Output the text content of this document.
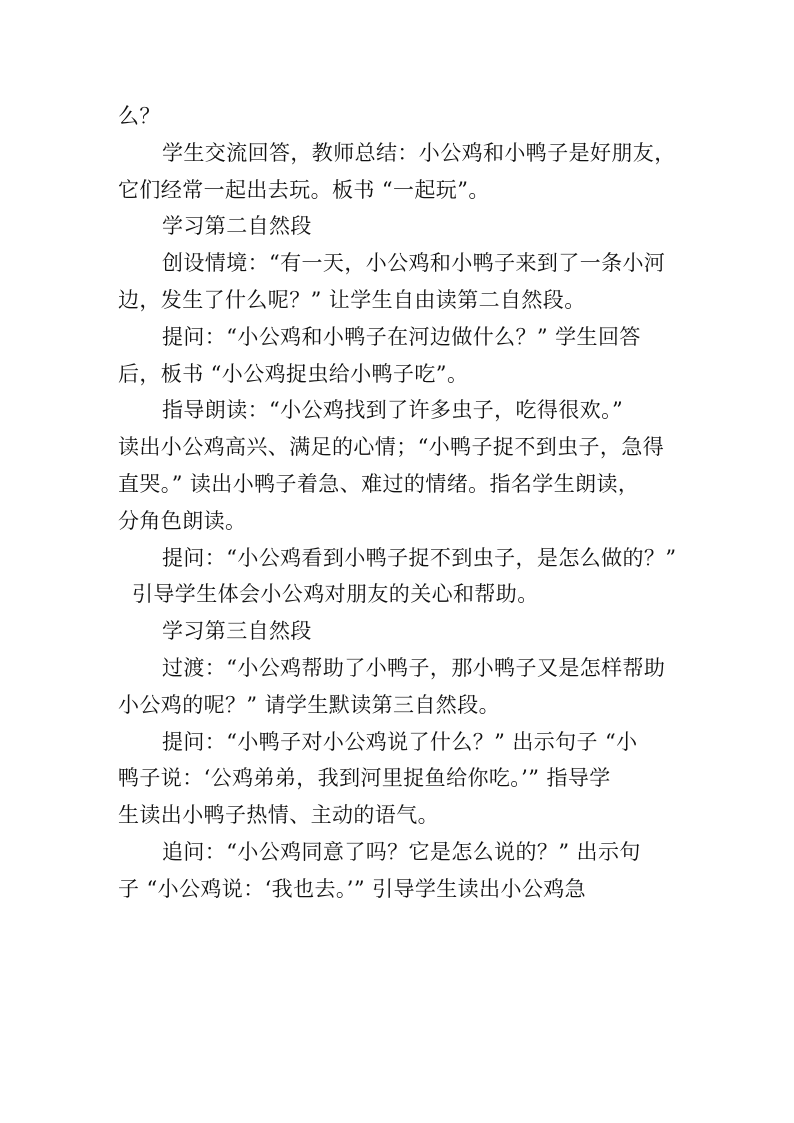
么？

学生交流回答，教师总结：小公鸡和小鸭子是好朋友，

它们经常一起出去玩。板书 “一起玩”。

学习第二自然段

创设情境：“有一天，小公鸡和小鸭子来到了一条小河

边，发生了什么呢？” 让学生自由读第二自然段。

提问：“小公鸡和小鸭子在河边做什么？” 学生回答

后，板书 “小公鸡捉虫给小鸭子吃”。

指导朗读：“小公鸡找到了许多虫子，吃得很欢。”

读出小公鸡高兴、满足的心情；“小鸭子捉不到虫子，急得

直哭。” 读出小鸭子着急、难过的情绪。指名学生朗读，

分角色朗读。

提问：“小公鸡看到小鸭子捉不到虫子，是怎么做的？”

引导学生体会小公鸡对朋友的关心和帮助。

学习第三自然段

过渡：“小公鸡帮助了小鸭子，那小鸭子又是怎样帮助

小公鸡的呢？” 请学生默读第三自然段。

提问：“小鸭子对小公鸡说了什么？” 出示句子 “小

鸭子说：‘公鸡弟弟，我到河里捉鱼给你吃。’” 指导学

生读出小鸭子热情、主动的语气。

追问：“小公鸡同意了吗？它是怎么说的？” 出示句

子 “小公鸡说：‘我也去。’” 引导学生读出小公鸡急
